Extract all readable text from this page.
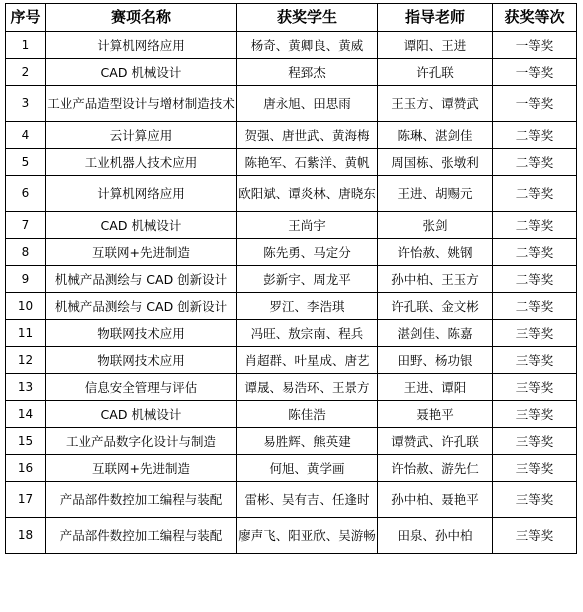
序号	赛项名称	获奖学生	指导老师	获奖等次
1	计算机网络应用	杨奇、黄卿良、黄威	谭阳、王进	一等奖
2	CAD 机械设计	程郅杰	许孔联	一等奖
3	工业产品造型设计与增材制造技术	唐永旭、田思雨	王玉方、谭赞武	一等奖
4	云计算应用	贺强、唐世武、黄海梅	陈琳、湛剑佳	二等奖
5	工业机器人技术应用	陈艳军、石紫洋、黄帆	周国栋、张墩利	二等奖
6	计算机网络应用	欧阳斌、谭炎林、唐晓东	王进、胡赐元	二等奖
7	CAD 机械设计	王尚宇	张剑	二等奖
8	互联网+先进制造	陈先勇、马定分	许怡赦、姚钢	二等奖
9	机械产品测绘与 CAD 创新设计	彭新宇、周龙平	孙中柏、王玉方	二等奖
10	机械产品测绘与 CAD 创新设计	罗江、李浩琪	许孔联、金文彬	二等奖
11	物联网技术应用	冯旺、敖宗南、程兵	湛剑佳、陈嘉	三等奖
12	物联网技术应用	肖超群、叶星成、唐艺	田野、杨功银	三等奖
13	信息安全管理与评估	谭晟、易浩环、王景方	王进、谭阳	三等奖
14	CAD 机械设计	陈佳浩	聂艳平	三等奖
15	工业产品数字化设计与制造	易胜辉、熊英建	谭赞武、许孔联	三等奖
16	互联网+先进制造	何旭、黄学画	许怡赦、游先仁	三等奖
17	产品部件数控加工编程与装配	雷彬、吴有吉、任逢时	孙中柏、聂艳平	三等奖
18	产品部件数控加工编程与装配	廖声飞、阳亚欣、吴游畅	田泉、孙中柏	三等奖
